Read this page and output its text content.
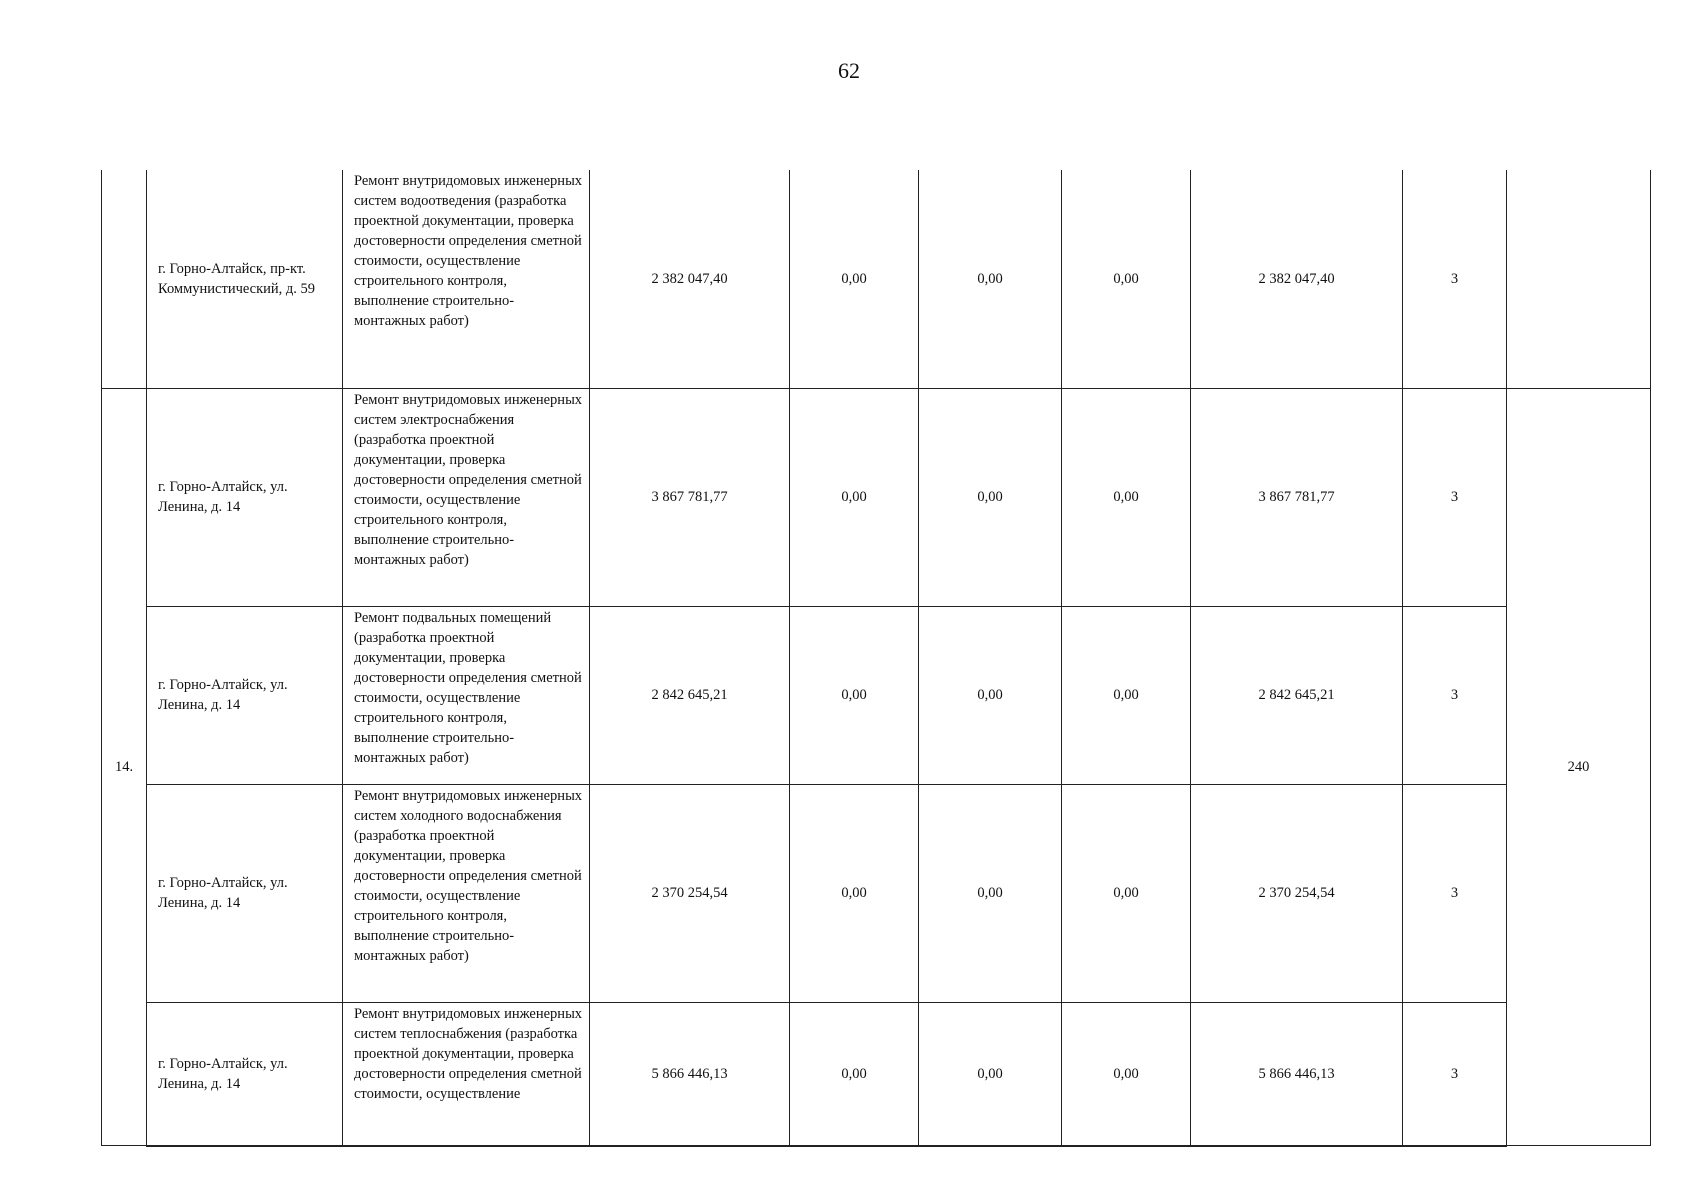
62
	г. Горно-Алтайск, пр-кт. Коммунистический, д. 59	Ремонт внутридомовых инженерных систем водоотведения (разработка проектной документации, проверка достоверности определения сметной стоимости, осуществление строительного контроля, выполнение строительно-монтажных работ)	2 382 047,40	0,00	0,00	0,00	2 382 047,40	3	
14.	г. Горно-Алтайск, ул. Ленина, д. 14	Ремонт внутридомовых инженерных систем электроснабжения (разработка проектной документации, проверка достоверности определения сметной стоимости, осуществление строительного контроля, выполнение строительно-монтажных работ)	3 867 781,77	0,00	0,00	0,00	3 867 781,77	3	240
	г. Горно-Алтайск, ул. Ленина, д. 14	Ремонт подвальных помещений (разработка проектной документации, проверка достоверности определения сметной стоимости, осуществление строительного контроля, выполнение строительно-монтажных работ)	2 842 645,21	0,00	0,00	0,00	2 842 645,21	3	
	г. Горно-Алтайск, ул. Ленина, д. 14	Ремонт внутридомовых инженерных систем холодного водоснабжения (разработка проектной документации, проверка достоверности определения сметной стоимости, осуществление строительного контроля, выполнение строительно-монтажных работ)	2 370 254,54	0,00	0,00	0,00	2 370 254,54	3	
	г. Горно-Алтайск, ул. Ленина, д. 14	Ремонт внутридомовых инженерных систем теплоснабжения (разработка проектной документации, проверка достоверности определения сметной стоимости, осуществление	5 866 446,13	0,00	0,00	0,00	5 866 446,13	3	
